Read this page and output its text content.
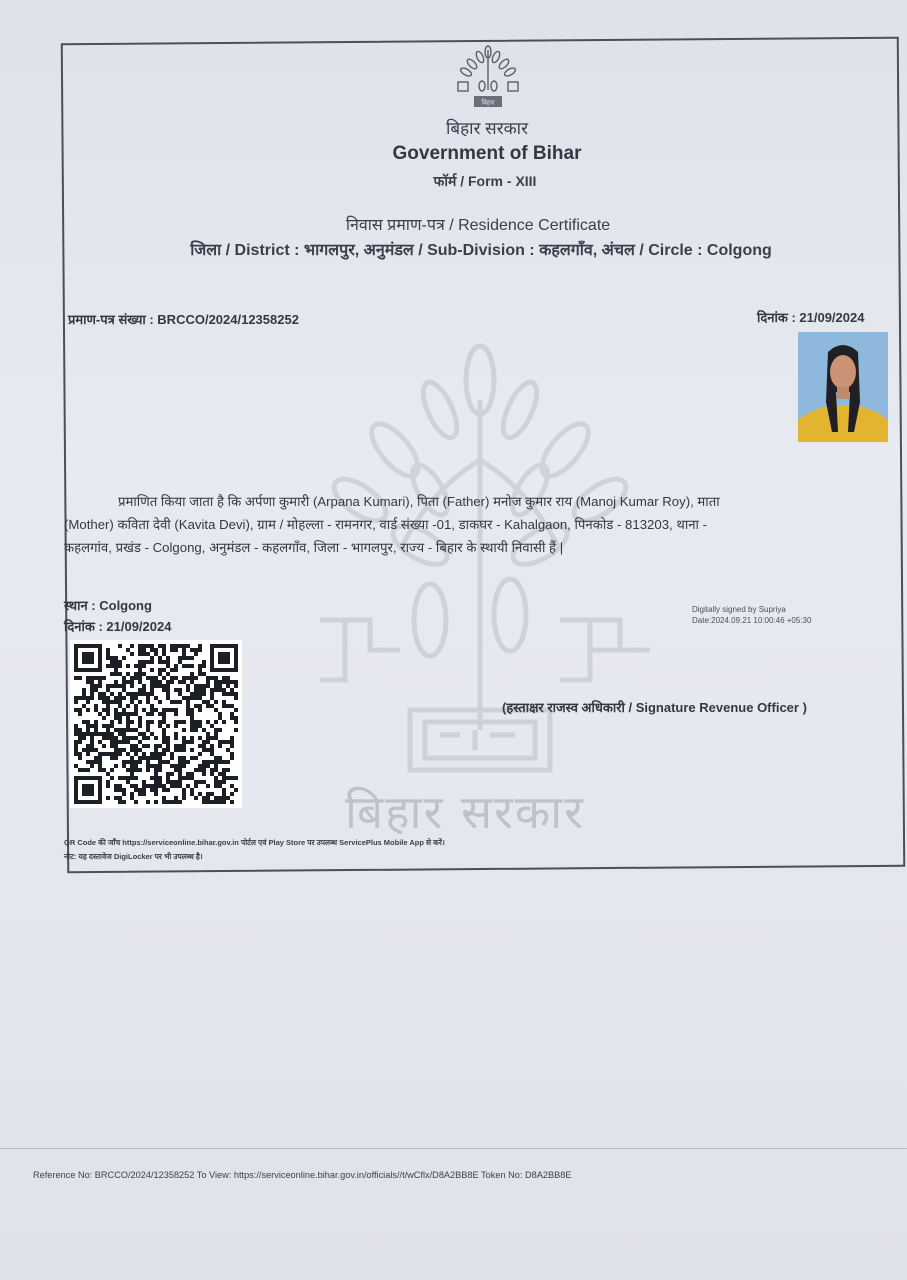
बिहार सरकार
बिहार
बिहार सरकार
Government of Bihar
फॉर्म / Form - XIII
निवास प्रमाण-पत्र / Residence Certificate
जिला / District : भागलपुर, अनुमंडल / Sub-Division : कहलगाँव, अंचल / Circle : Colgong
प्रमाण-पत्र संख्या : BRCCO/2024/12358252	दिनांक : 21/09/2024
प्रमाणित किया जाता है कि अर्पणा कुमारी (Arpana Kumari), पिता (Father) मनोज कुमार राय (Manoj Kumar Roy), माता
(Mother) कविता देवी (Kavita Devi), ग्राम / मोहल्ला - रामनगर, वार्ड संख्या -01, डाकघर - Kahalgaon, पिनकोड - 813203, थाना -
कहलगांव, प्रखंड - Colgong, अनुमंडल - कहलगाँव, जिला - भागलपुर, राज्य - बिहार के स्थायी निवासी हैं |
स्थान : Colgong
दिनांक : 21/09/2024
Digitally signed by Supriya
Date:2024.09.21 10:00:46 +05:30
(हस्ताक्षर राजस्व अधिकारी / Signature Revenue Officer )
QR Code की जाँच https://serviceonline.bihar.gov.in पोर्टल एवं Play Store पर उपलब्ध ServicePlus Mobile App से करें।
नोट: यह दस्तावेज DigiLocker पर भी उपलब्ध है।
Reference No: BRCCO/2024/12358252 To View: https://serviceonline.bihar.gov.in/officials//t/wCflx/D8A2BB8E Token No: D8A2BB8E
